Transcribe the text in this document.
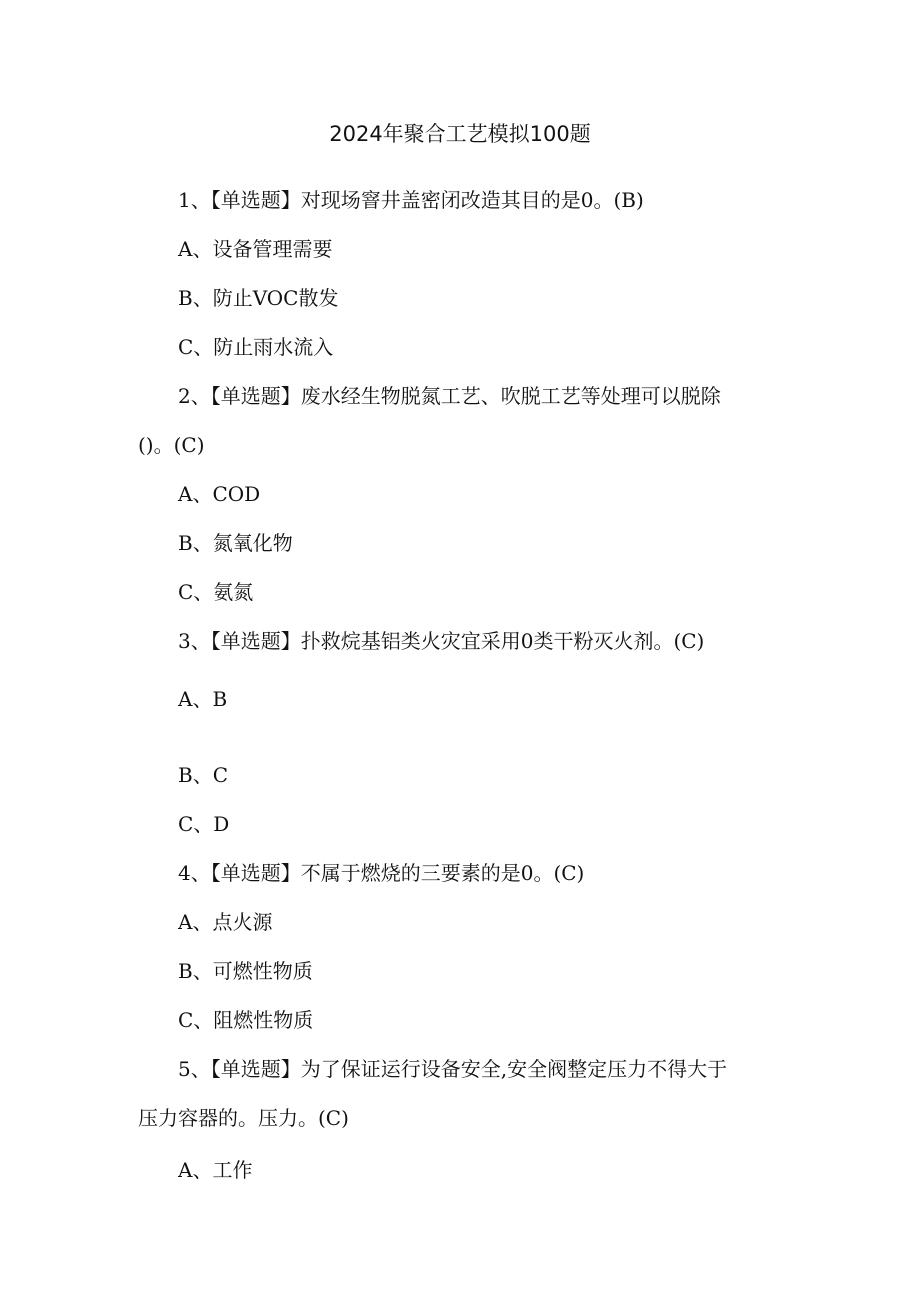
2024年聚合工艺模拟100题
1、【单选题】对现场窨井盖密闭改造其目的是0。(B)
A、设备管理需要
B、防止VOC散发
C、防止雨水流入
2、【单选题】废水经生物脱氮工艺、吹脱工艺等处理可以脱除
()。(C)
A、COD
B、氮氧化物
C、氨氮
3、【单选题】扑救烷基铝类火灾宜采用0类干粉灭火剂。(C)
A、B
B、C
C、D
4、【单选题】不属于燃烧的三要素的是0。(C)
A、点火源
B、可燃性物质
C、阻燃性物质
5、【单选题】为了保证运行设备安全,安全阀整定压力不得大于
压力容器的。压力。(C)
A、工作
